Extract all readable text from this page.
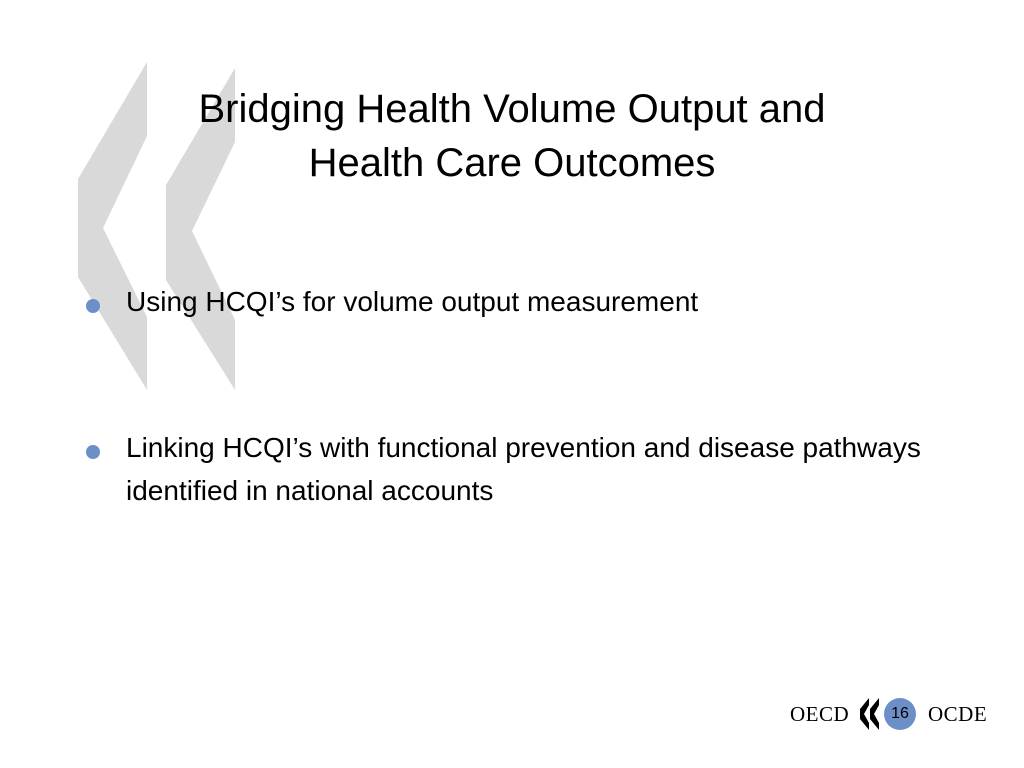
Bridging Health Volume Output and
Health Care Outcomes
Using HCQI’s for volume output measurement
Linking HCQI’s with functional prevention and disease pathways identified in national accounts
OECD	16 OCDE
